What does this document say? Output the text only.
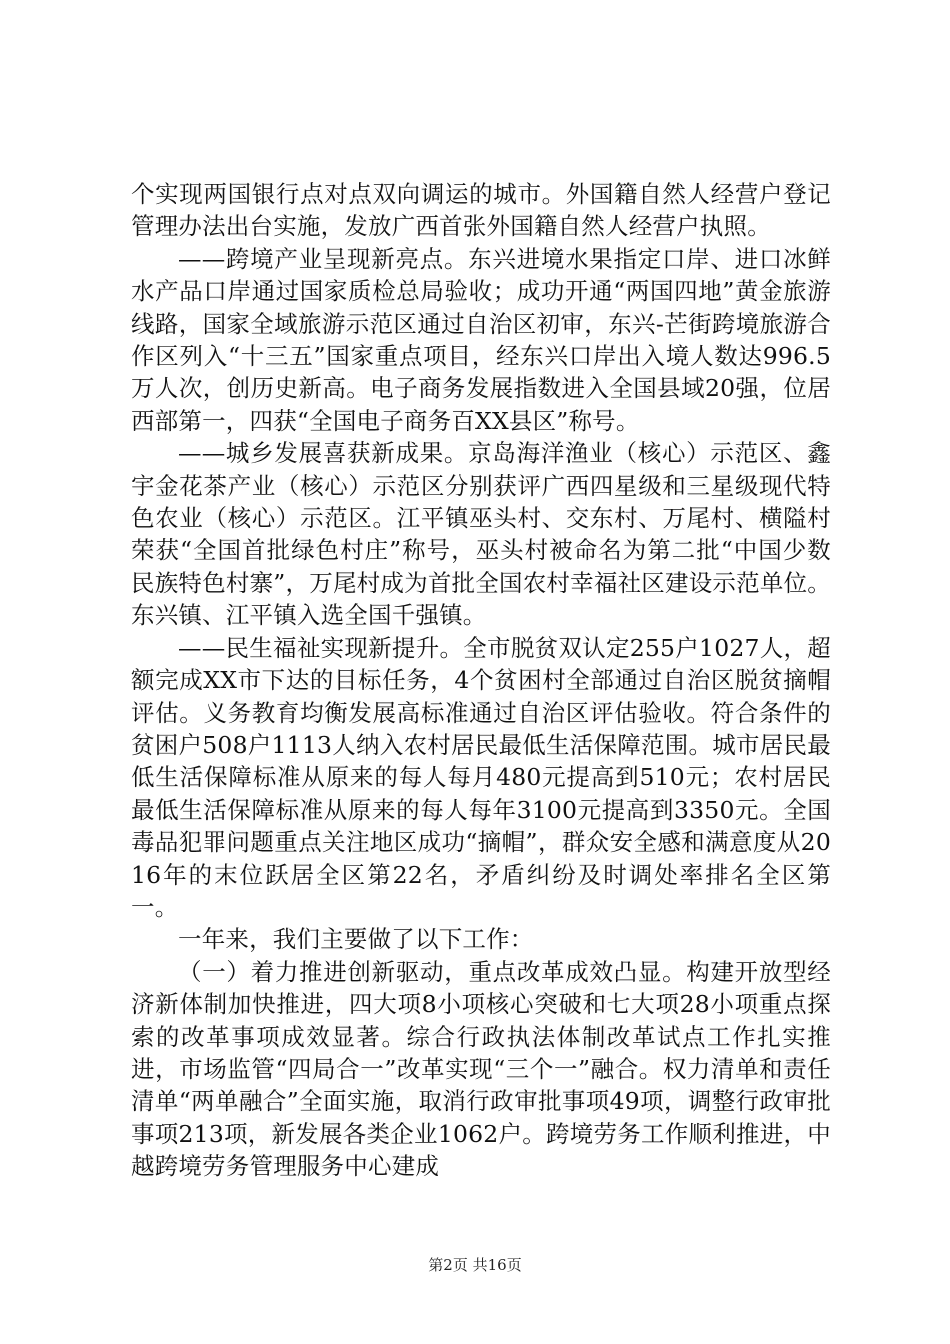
个实现两国银行点对点双向调运的城市。外国籍自然人经营户登记管理办法出台实施，发放广西首张外国籍自然人经营户执照。

——跨境产业呈现新亮点。东兴进境水果指定口岸、进口冰鲜水产品口岸通过国家质检总局验收；成功开通“两国四地”黄金旅游线路，国家全域旅游示范区通过自治区初审，东兴-芒街跨境旅游合作区列入“十三五”国家重点项目，经东兴口岸出入境人数达996.5万人次，创历史新高。电子商务发展指数进入全国县域20强，位居西部第一，四获“全国电子商务百XX县区”称号。

——城乡发展喜获新成果。京岛海洋渔业（核心）示范区、鑫宇金花茶产业（核心）示范区分别获评广西四星级和三星级现代特色农业（核心）示范区。江平镇巫头村、交东村、万尾村、横隘村荣获“全国首批绿色村庄”称号，巫头村被命名为第二批“中国少数民族特色村寨”，万尾村成为首批全国农村幸福社区建设示范单位。东兴镇、江平镇入选全国千强镇。

——民生福祉实现新提升。全市脱贫双认定255户1027人，超额完成XX市下达的目标任务，4个贫困村全部通过自治区脱贫摘帽评估。义务教育均衡发展高标准通过自治区评估验收。符合条件的贫困户508户1113人纳入农村居民最低生活保障范围。城市居民最低生活保障标准从原来的每人每月480元提高到510元；农村居民最低生活保障标准从原来的每人每年3100元提高到3350元。全国毒品犯罪问题重点关注地区成功“摘帽”，群众安全感和满意度从2016年的末位跃居全区第22名，矛盾纠纷及时调处率排名全区第一。

一年来，我们主要做了以下工作：

（一）着力推进创新驱动，重点改革成效凸显。构建开放型经济新体制加快推进，四大项8小项核心突破和七大项28小项重点探索的改革事项成效显著。综合行政执法体制改革试点工作扎实推进，市场监管“四局合一”改革实现“三个一”融合。权力清单和责任清单“两单融合”全面实施，取消行政审批事项49项，调整行政审批事项213项，新发展各类企业1062户。跨境劳务工作顺利推进，中越跨境劳务管理服务中心建成

第2页 共16页
